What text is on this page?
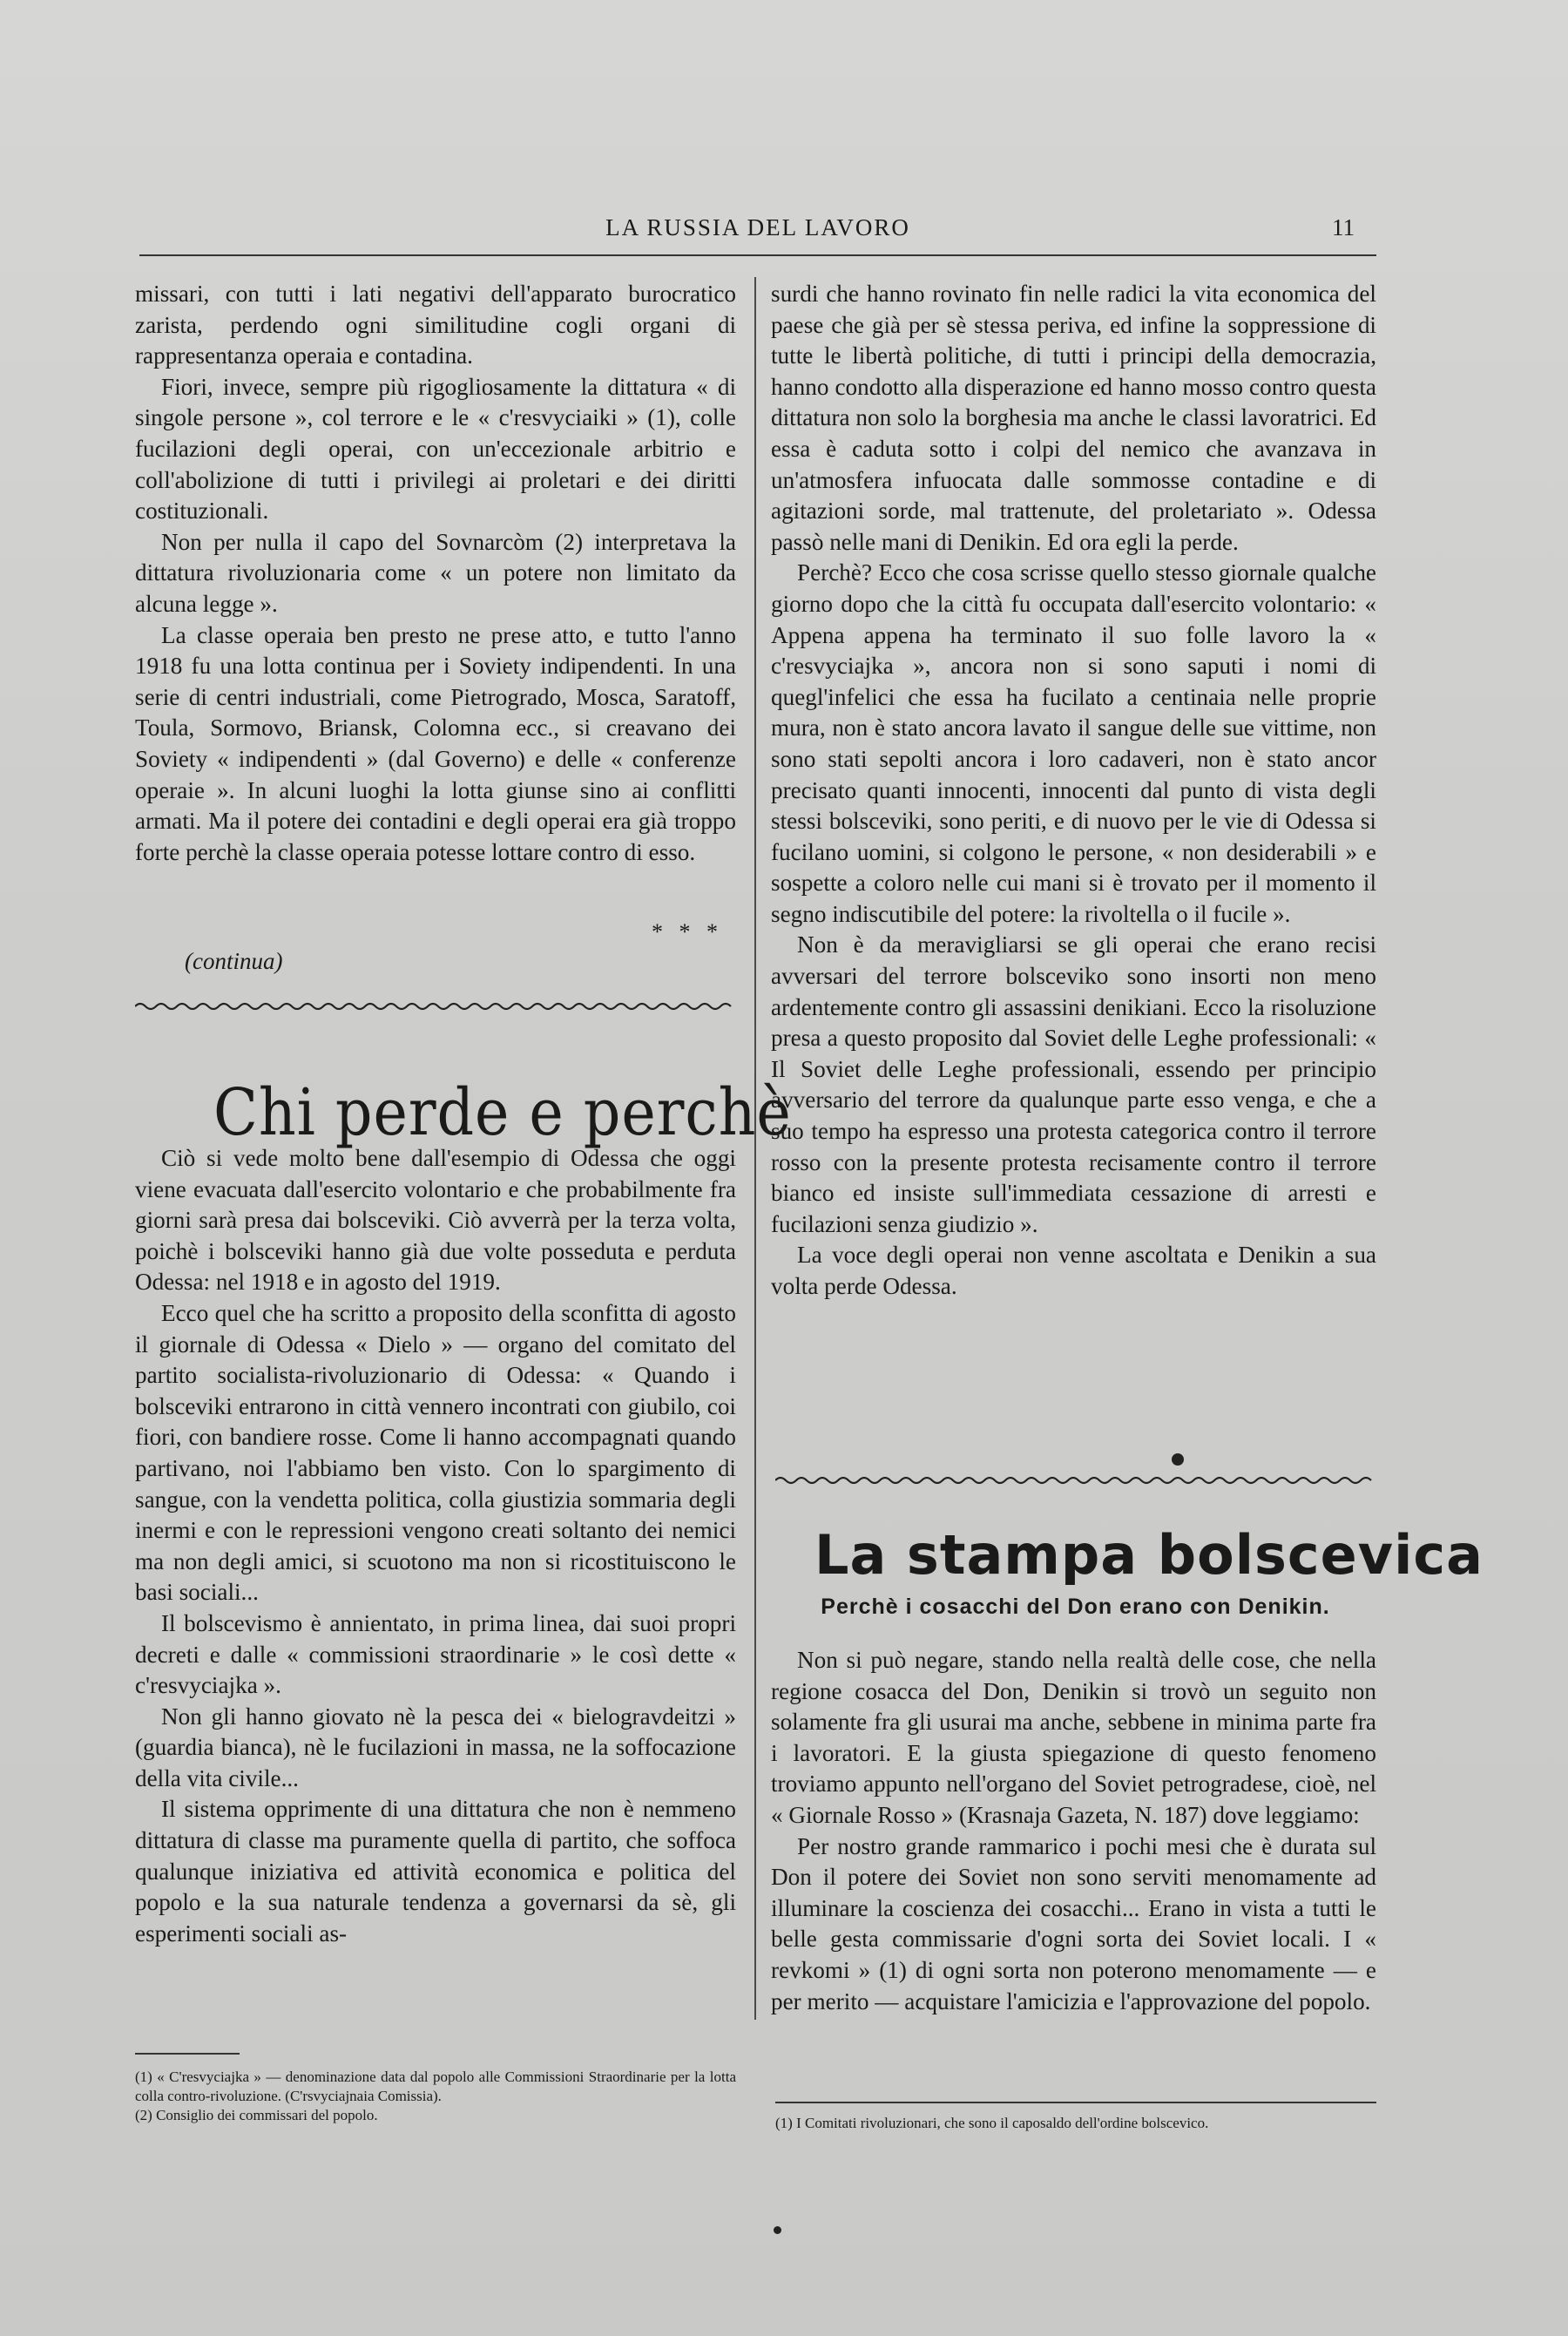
LA RUSSIA DEL LAVORO	11

missari, con tutti i lati negativi dell'apparato burocratico zarista, perdendo ogni similitudine cogli organi di rappresentanza operaia e contadina.

Fiori, invece, sempre più rigogliosamente la dittatura « di singole persone », col terrore e le « c'resvyciaiki » (1), colle fucilazioni degli operai, con un'eccezionale arbitrio e coll'abolizione di tutti i privilegi ai proletari e dei diritti costituzionali.

Non per nulla il capo del Sovnarcòm (2) interpretava la dittatura rivoluzionaria come « un potere non limitato da alcuna legge ».

La classe operaia ben presto ne prese atto, e tutto l'anno 1918 fu una lotta continua per i Soviety indipendenti. In una serie di centri industriali, come Pietrogrado, Mosca, Saratoff, Toula, Sormovo, Briansk, Colomna ecc., si creavano dei Soviety « indipendenti » (dal Governo) e delle « conferenze operaie ». In alcuni luoghi la lotta giunse sino ai conflitti armati. Ma il potere dei contadini e degli operai era già troppo forte perchè la classe operaia potesse lottare contro di esso.

* * *
(continua)
Chi perde e perchè

Ciò si vede molto bene dall'esempio di Odessa che oggi viene evacuata dall'esercito volontario e che probabilmente fra giorni sarà presa dai bolsceviki. Ciò avverrà per la terza volta, poichè i bolsceviki hanno già due volte posseduta e perduta Odessa: nel 1918 e in agosto del 1919.

Ecco quel che ha scritto a proposito della sconfitta di agosto il giornale di Odessa « Dielo » — organo del comitato del partito socialista-rivoluzionario di Odessa: « Quando i bolsceviki entrarono in città vennero incontrati con giubilo, coi fiori, con bandiere rosse. Come li hanno accompagnati quando partivano, noi l'abbiamo ben visto. Con lo spargimento di sangue, con la vendetta politica, colla giustizia sommaria degli inermi e con le repressioni vengono creati soltanto dei nemici ma non degli amici, si scuotono ma non si ricostituiscono le basi sociali...

Il bolscevismo è annientato, in prima linea, dai suoi propri decreti e dalle « commissioni straordinarie » le così dette « c'resvyciajka ».

Non gli hanno giovato nè la pesca dei « bielogravdeitzi » (guardia bianca), nè le fucilazioni in massa, ne la soffocazione della vita civile...

Il sistema opprimente di una dittatura che non è nemmeno dittatura di classe ma puramente quella di partito, che soffoca qualunque iniziativa ed attività economica e politica del popolo e la sua naturale tendenza a governarsi da sè, gli esperimenti sociali as-

(1) « C'resvyciajka » — denominazione data dal popolo alle Commissioni Straordinarie per la lotta colla contro-rivoluzione. (C'rsvyciajnaia Comissia).
(2) Consiglio dei commissari del popolo.

surdi che hanno rovinato fin nelle radici la vita economica del paese che già per sè stessa periva, ed infine la soppressione di tutte le libertà politiche, di tutti i principi della democrazia, hanno condotto alla disperazione ed hanno mosso contro questa dittatura non solo la borghesia ma anche le classi lavoratrici. Ed essa è caduta sotto i colpi del nemico che avanzava in un'atmosfera infuocata dalle sommosse contadine e di agitazioni sorde, mal trattenute, del proletariato ». Odessa passò nelle mani di Denikin. Ed ora egli la perde.

Perchè? Ecco che cosa scrisse quello stesso giornale qualche giorno dopo che la città fu occupata dall'esercito volontario: « Appena appena ha terminato il suo folle lavoro la « c'resvyciajka », ancora non si sono saputi i nomi di quegl'infelici che essa ha fucilato a centinaia nelle proprie mura, non è stato ancora lavato il sangue delle sue vittime, non sono stati sepolti ancora i loro cadaveri, non è stato ancor precisato quanti innocenti, innocenti dal punto di vista degli stessi bolsceviki, sono periti, e di nuovo per le vie di Odessa si fucilano uomini, si colgono le persone, « non desiderabili » e sospette a coloro nelle cui mani si è trovato per il momento il segno indiscutibile del potere: la rivoltella o il fucile ».

Non è da meravigliarsi se gli operai che erano recisi avversari del terrore bolsceviko sono insorti non meno ardentemente contro gli assassini denikiani. Ecco la risoluzione presa a questo proposito dal Soviet delle Leghe professionali: « Il Soviet delle Leghe professionali, essendo per principio avversario del terrore da qualunque parte esso venga, e che a suo tempo ha espresso una protesta categorica contro il terrore rosso con la presente protesta recisamente contro il terrore bianco ed insiste sull'immediata cessazione di arresti e fucilazioni senza giudizio ».

La voce degli operai non venne ascoltata e Denikin a sua volta perde Odessa.

La stampa bolscevica
Perchè i cosacchi del Don erano con Denikin.

Non si può negare, stando nella realtà delle cose, che nella regione cosacca del Don, Denikin si trovò un seguito non solamente fra gli usurai ma anche, sebbene in minima parte fra i lavoratori. E la giusta spiegazione di questo fenomeno troviamo appunto nell'organo del Soviet petrogradese, cioè, nel « Giornale Rosso » (Krasnaja Gazeta, N. 187) dove leggiamo:

Per nostro grande rammarico i pochi mesi che è durata sul Don il potere dei Soviet non sono serviti menomamente ad illuminare la coscienza dei cosacchi... Erano in vista a tutti le belle gesta commissarie d'ogni sorta dei Soviet locali. I « revkomi » (1) di ogni sorta non poterono menomamente — e per merito — acquistare l'amicizia e l'approvazione del popolo.

(1) I Comitati rivoluzionari, che sono il caposaldo dell'ordine bolscevico.
